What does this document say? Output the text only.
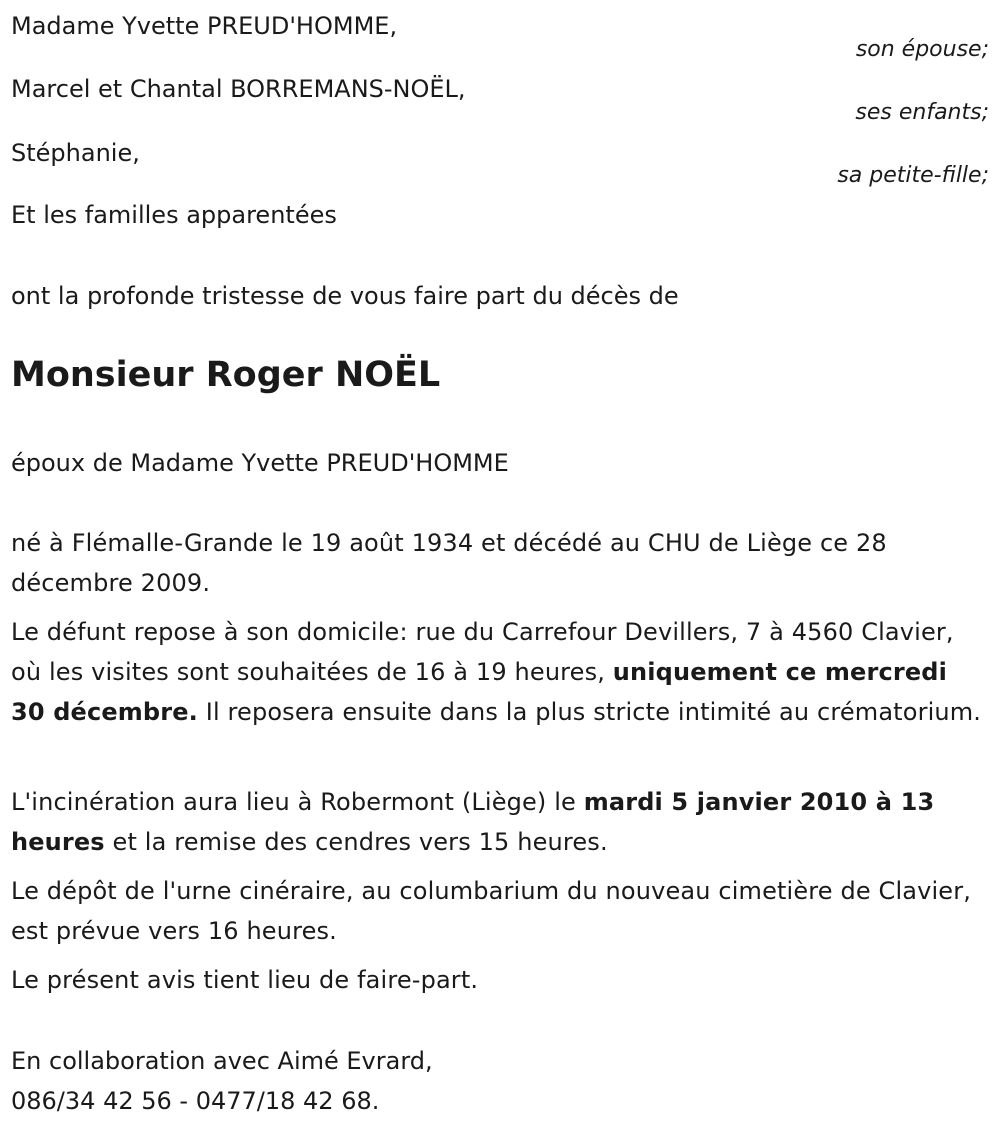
Madame Yvette PREUD'HOMME,
son épouse;
Marcel et Chantal BORREMANS-NOËL,
ses enfants;
Stéphanie,
sa petite-fille;
Et les familles apparentées
ont la profonde tristesse de vous faire part du décès de
Monsieur Roger NOËL
époux de Madame Yvette PREUD'HOMME
né à Flémalle-Grande le 19 août 1934 et décédé au CHU de Liège ce 28 décembre 2009.
Le défunt repose à son domicile: rue du Carrefour Devillers, 7 à 4560 Clavier, où les visites sont souhaitées de 16 à 19 heures, uniquement ce mercredi 30 décembre. Il reposera ensuite dans la plus stricte intimité au crématorium.
L'incinération aura lieu à Robermont (Liège) le mardi 5 janvier 2010 à 13 heures et la remise des cendres vers 15 heures.
Le dépôt de l'urne cinéraire, au columbarium du nouveau cimetière de Clavier, est prévue vers 16 heures.
Le présent avis tient lieu de faire-part.
En collaboration avec Aimé Evrard,
086/34 42 56 - 0477/18 42 68.
